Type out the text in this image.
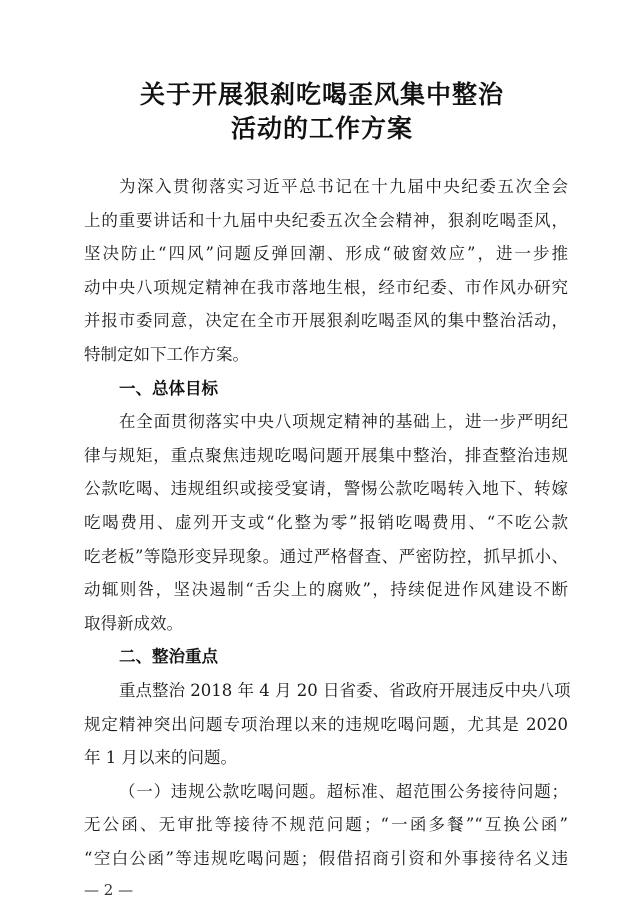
关于开展狠刹吃喝歪风集中整治
活动的工作方案
为深入贯彻落实习近平总书记在十九届中央纪委五次全会
上的重要讲话和十九届中央纪委五次全会精神，狠刹吃喝歪风，
坚决防止“四风”问题反弹回潮、形成“破窗效应”，进一步推
动中央八项规定精神在我市落地生根，经市纪委、市作风办研究
并报市委同意，决定在全市开展狠刹吃喝歪风的集中整治活动，
特制定如下工作方案。
一、总体目标
在全面贯彻落实中央八项规定精神的基础上，进一步严明纪
律与规矩，重点聚焦违规吃喝问题开展集中整治，排查整治违规
公款吃喝、违规组织或接受宴请，警惕公款吃喝转入地下、转嫁
吃喝费用、虚列开支或“化整为零”报销吃喝费用、“不吃公款
吃老板”等隐形变异现象。通过严格督查、严密防控，抓早抓小、
动辄则咎，坚决遏制“舌尖上的腐败”，持续促进作风建设不断
取得新成效。
二、整治重点
重点整治 2018 年 4 月 20 日省委、省政府开展违反中央八项
规定精神突出问题专项治理以来的违规吃喝问题，尤其是 2020
年 1 月以来的问题。
（一）违规公款吃喝问题。超标准、超范围公务接待问题；
无公函、无审批等接待不规范问题；“一函多餐”“互换公函”
“空白公函”等违规吃喝问题；假借招商引资和外事接待名义违
— 2 —
